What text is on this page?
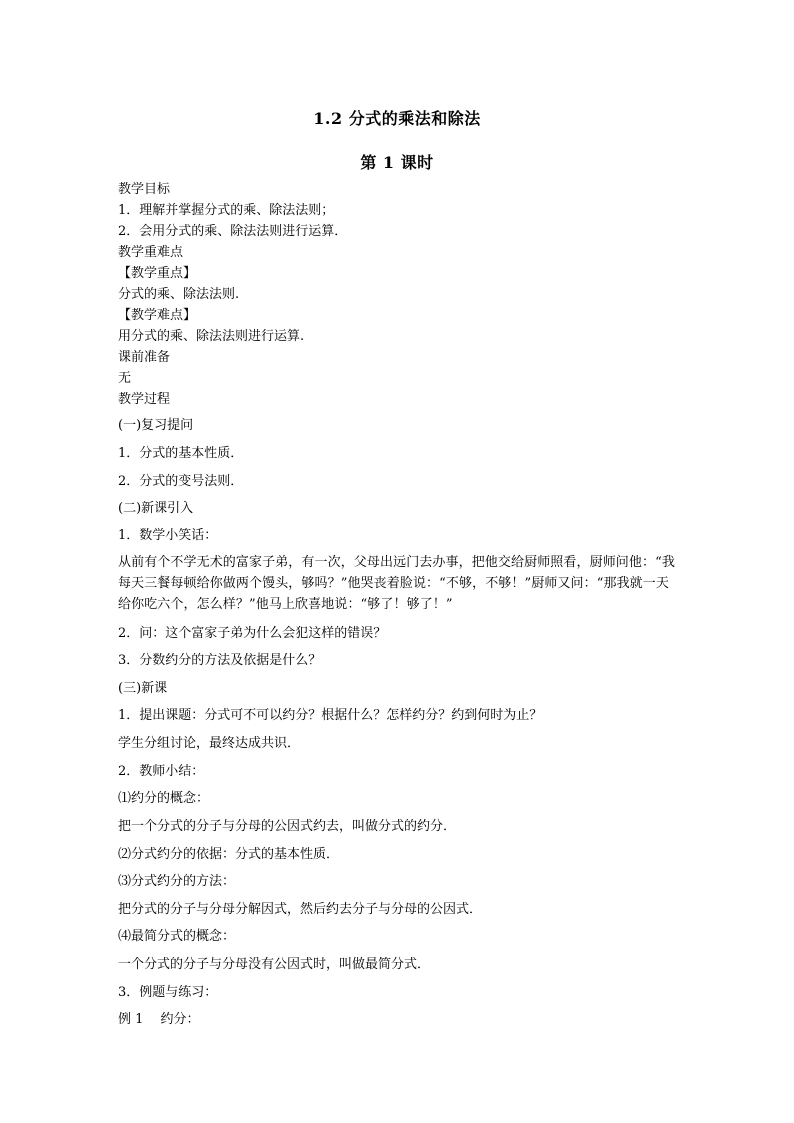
1.2 分式的乘法和除法
第 1 课时
教学目标
1．理解并掌握分式的乘、除法法则；
2．会用分式的乘、除法法则进行运算．
教学重难点
【教学重点】
分式的乘、除法法则.
【教学难点】
用分式的乘、除法法则进行运算.
课前准备
无
教学过程
(一)复习提问
1．分式的基本性质．
2．分式的变号法则．
(二)新课引入
1．数学小笑话：
从前有个不学无术的富家子弟，有一次，父母出远门去办事，把他交给厨师照看，厨师问他：“我每天三餐每顿给你做两个馒头，够吗？”他哭丧着脸说：“不够，不够！”厨师又问：“那我就一天给你吃六个，怎么样？”他马上欣喜地说：“够了！够了！”
2．问：这个富家子弟为什么会犯这样的错误？
3．分数约分的方法及依据是什么？
(三)新课
1．提出课题：分式可不可以约分？根据什么？怎样约分？约到何时为止？
学生分组讨论，最终达成共识．
2．教师小结：
⑴约分的概念：
把一个分式的分子与分母的公因式约去，叫做分式的约分．
⑵分式约分的依据：分式的基本性质．
⑶分式约分的方法：
把分式的分子与分母分解因式，然后约去分子与分母的公因式．
⑷最简分式的概念：
一个分式的分子与分母没有公因式时，叫做最简分式．
3．例题与练习：
例 1　 约分：
